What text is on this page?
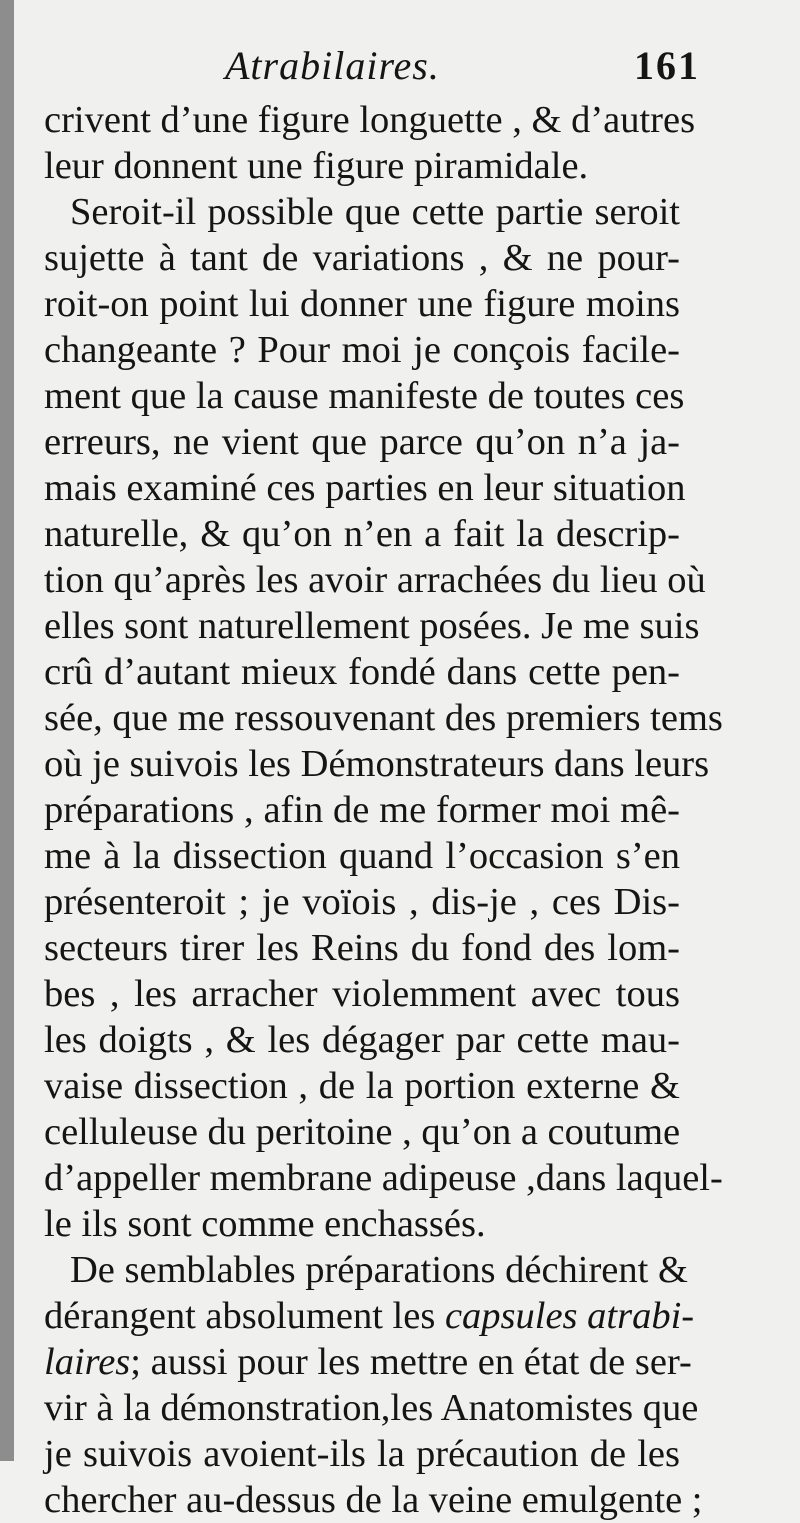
Atrabilaires.	161
crivent d’une figure longuette , & d’autres
leur donnent une figure piramidale.
Seroit-il possible que cette partie seroit
sujette à tant de variations , & ne pour-
roit-on point lui donner une figure moins
changeante ? Pour moi je conçois facile-
ment que la cause manifeste de toutes ces
erreurs, ne vient que parce qu’on n’a ja-
mais examiné ces parties en leur situation
naturelle, & qu’on n’en a fait la descrip-
tion qu’après les avoir arrachées du lieu où
elles sont naturellement posées. Je me suis
crû d’autant mieux fondé dans cette pen-
sée, que me ressouvenant des premiers tems
où je suivois les Démonstrateurs dans leurs
préparations , afin de me former moi mê-
me à la dissection quand l’occasion s’en
présenteroit ; je voïois , dis-je , ces Dis-
secteurs tirer les Reins du fond des lom-
bes , les arracher violemment avec tous
les doigts , & les dégager par cette mau-
vaise dissection , de la portion externe &
celluleuse du peritoine , qu’on a coutume
d’appeller membrane adipeuse ,dans laquel-
le ils sont comme enchassés.
De semblables préparations déchirent &
dérangent absolument les capsules atrabi-
laires; aussi pour les mettre en état de ser-
vir à la démonstration,les Anatomistes que
je suivois avoient-ils la précaution de les
chercher au-dessus de la veine emulgente ;
